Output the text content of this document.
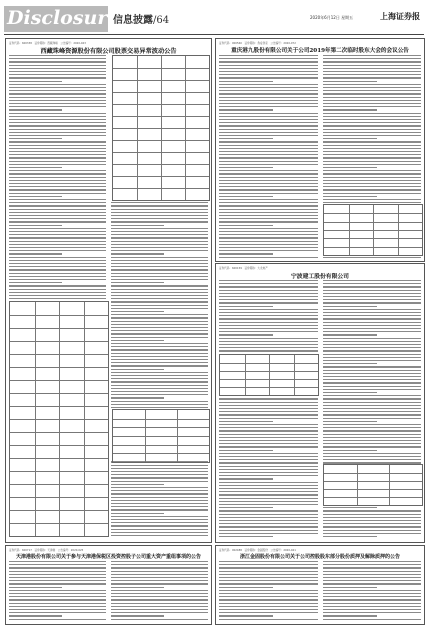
Disclosure
信息披露/64	2020年6月12日 星期五	上海证券报
证券代码：600338　证券简称：西藏珠峰　公告编号：2020-043
西藏珠峰资源股份有限公司股票交易异常波动公告
证券代码：000560　证券简称：我爱我家　公告编号：2020-072
重庆港九股份有限公司关于公司2019年第二次临时股东大会的会议公告
证券代码：600159　证券简称：大龙地产
宁波建工股份有限公司
证券代码：600717　证券简称：天津港　公告编号：2020-025
天津港股份有限公司关于参与天津港保税区投资控股子公司重大资产重组事项的公告
证券代码：002488　证券简称：金固股份　公告编号：2020-041
浙江金固股份有限公司关于公司控股股东部分股份质押及解除质押的公告
